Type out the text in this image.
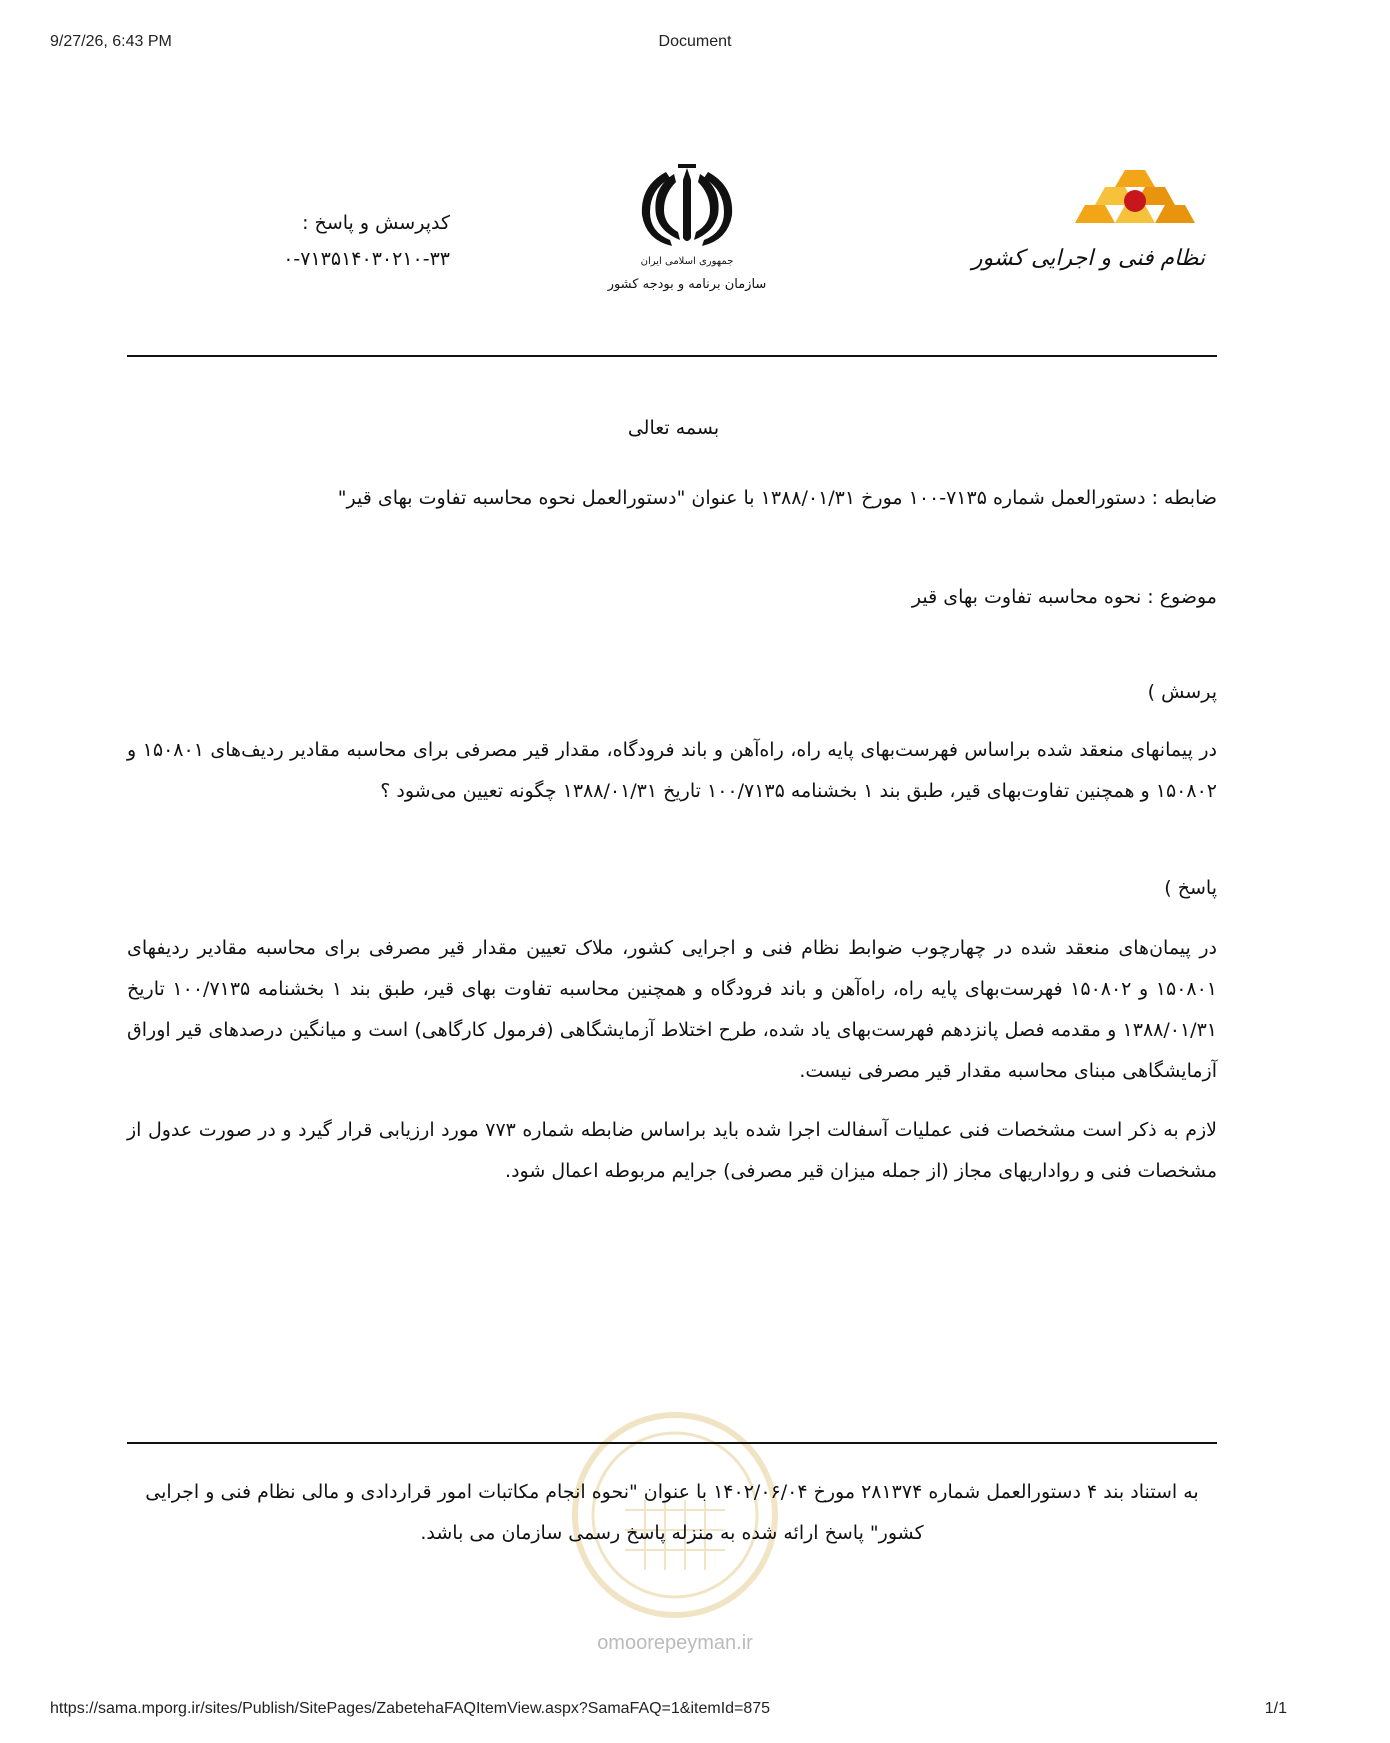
9/27/26, 6:43 PM	Document
کدپرسش و پاسخ :
۰-۷۱۳۵۱۴۰۳۰۲۱۰-۳۳	جمهوری اسلامی ایران
سازمان برنامه و بودجه کشور
نظام فنی و اجرایی کشور
بسمه تعالی
ضابطه : دستورالعمل شماره ۷۱۳۵-۱۰۰ مورخ ۱۳۸۸/۰۱/۳۱ با عنوان "دستورالعمل نحوه محاسبه تفاوت بهای قیر"
موضوع : نحوه محاسبه تفاوت بهای قیر
پرسش )
در پیمانهای منعقد شده براساس فهرست‌بهای پایه راه، راه‌آهن و باند فرودگاه، مقدار قیر مصرفی برای محاسبه مقادیر ردیف‌های ۱۵۰۸۰۱ و ۱۵۰۸۰۲ و همچنین تفاوت‌بهای قیر، طبق بند ۱ بخشنامه ۱۰۰/۷۱۳۵ تاریخ ۱۳۸۸/۰۱/۳۱ چگونه تعیین می‌شود ؟
پاسخ )
در پیمان‌های منعقد شده در چهارچوب ضوابط نظام فنی و اجرایی کشور، ملاک تعیین مقدار قیر مصرفی برای محاسبه مقادیر ردیفهای ۱۵۰۸۰۱ و ۱۵۰۸۰۲ فهرست‌بهای پایه راه، راه‌آهن و باند فرودگاه و همچنین محاسبه تفاوت بهای قیر، طبق بند ۱ بخشنامه ۱۰۰/۷۱۳۵ تاریخ ۱۳۸۸/۰۱/۳۱ و مقدمه فصل پانزدهم فهرست‌بهای یاد شده، طرح اختلاط آزمایشگاهی (فرمول کارگاهی) است و میانگین درصدهای قیر اوراق آزمایشگاهی مبنای محاسبه مقدار قیر مصرفی نیست.
لازم به ذکر است مشخصات فنی عملیات آسفالت اجرا شده باید براساس ضابطه شماره ۷۷۳ مورد ارزیابی قرار گیرد و در صورت عدول از مشخصات فنی و رواداریهای مجاز (از جمله میزان قیر مصرفی) جرایم مربوطه اعمال شود.
به استناد بند ۴ دستورالعمل شماره ۲۸۱۳۷۴ مورخ ۱۴۰۲/۰۶/۰۴ با عنوان "نحوه انجام مکاتبات امور قراردادی و مالی نظام فنی و اجرایی کشور" پاسخ ارائه شده به منزله پاسخ رسمی سازمان می باشد.
omoorepeyman.ir
https://sama.mporg.ir/sites/Publish/SitePages/ZabetehaFAQItemView.aspx?SamaFAQ=1&itemId=875	1/1
